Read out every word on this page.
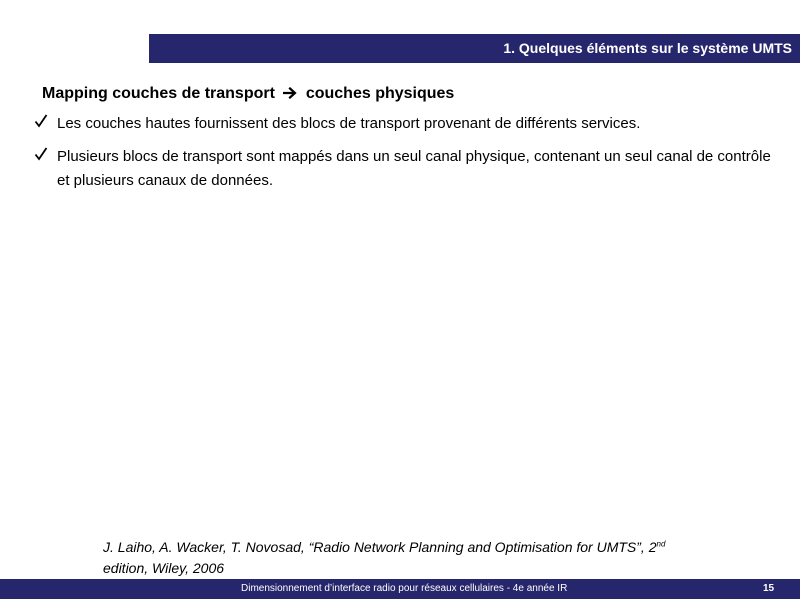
1. Quelques éléments sur le système UMTS
Mapping couches de transport couches physiques
Les couches hautes fournissent des blocs de transport provenant de différents services.
Plusieurs blocs de transport sont mappés dans un seul canal physique, contenant un seul canal de contrôle et plusieurs canaux de données.
J. Laiho, A. Wacker, T. Novosad, “Radio Network Planning and Optimisation for UMTS”, 2nd
edition, Wiley, 2006
Dimensionnement d’interface radio pour réseaux cellulaires - 4e année IR	15
